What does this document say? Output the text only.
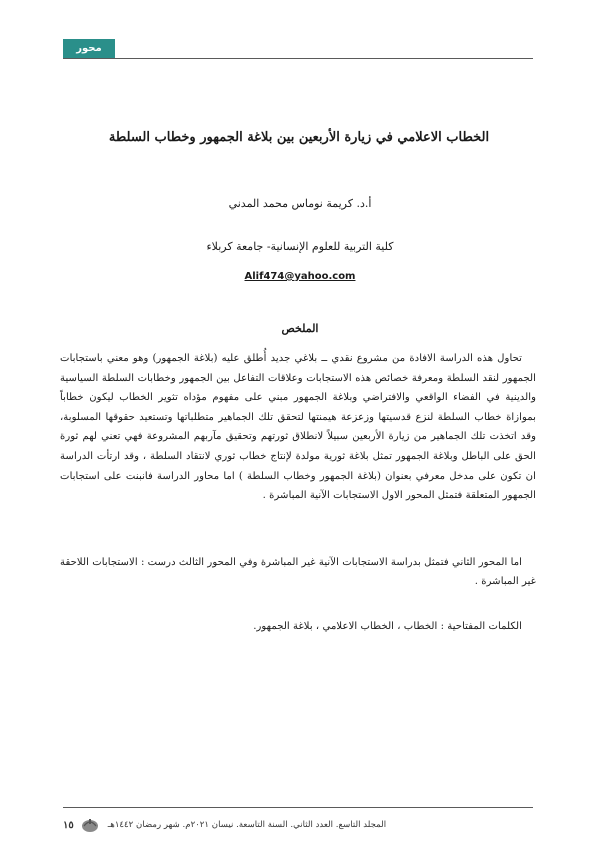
محور الإعلام
الخطاب الاعلامي في زيارة الأربعين بين بلاغة الجمهور وخطاب السلطة
أ.د. كريمة نوماس محمد المدني
كلية التربية للعلوم الإنسانية- جامعة كربلاء
Alif474@yahoo.com
الملخص

تحاول هذه الدراسة الافادة من مشروع نقدي ــ بلاغي جديد أُطلق عليه (بلاغة الجمهور) وهو معني باستجابات الجمهور لنقد السلطة ومعرفة خصائص هذه الاستجابات وعلاقات التفاعل بين الجمهور وخطابات السلطة السياسية والدينية في الفضاء الواقعي والافتراضي وبلاغة الجمهور مبني على مفهوم مؤداه تثوير الخطاب ليكون خطاباً بموازاة خطاب السلطة لنزع قدسيتها وزعزعة هيمنتها لتحقق تلك الجماهير متطلباتها وتستعيد حقوقها المسلوبة، وقد اتخذت تلك الجماهير من زيارة الأربعين سبيلاً لانطلاق ثورتهم وتحقيق مآربهم المشروعة فهي تعني لهم ثورة الحق على الباطل وبلاغة الجمهور تمثل بلاغة ثورية مولدة لإنتاج خطاب ثوري لانتقاد السلطة ، وقد ارتأت الدراسة ان تكون على مدخل معرفي بعنوان (بلاغة الجمهور وخطاب السلطة ) اما محاور الدراسة فانبنت على استجابات الجمهور المتعلقة فتمثل المحور الاول الاستجابات الآنية المباشرة .

اما المحور الثاني فتمثل بدراسة الاستجابات الآنية غير المباشرة وفي المحور الثالث درست : الاستجابات اللاحقة غير المباشرة .

الكلمات المفتاحية : الخطاب ، الخطاب الاعلامي ، بلاغة الجمهور.

١٥	المجلد التاسع. العدد الثاني. السنة التاسعة. نيسان ٢٠٢١م. شهر رمضان ١٤٤٢هـ
